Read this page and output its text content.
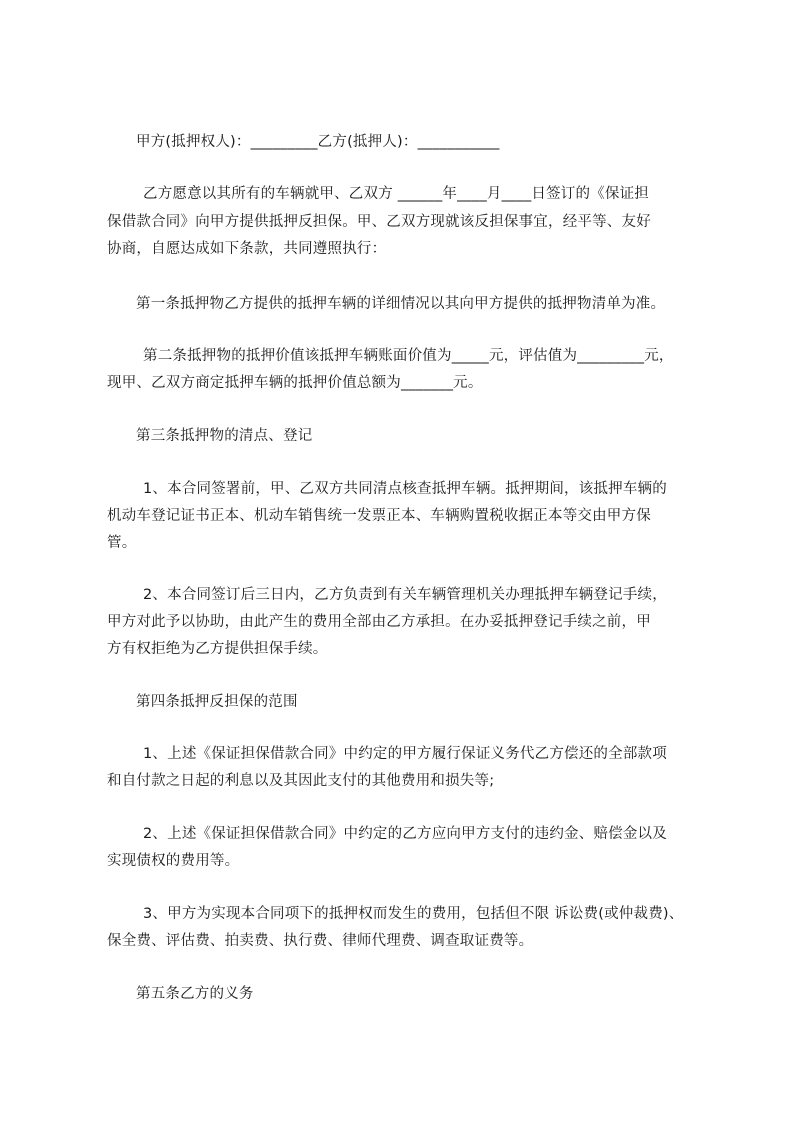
甲方(抵押权人)：_________乙方(抵押人)：___________
乙方愿意以其所有的车辆就甲、乙双方 ______年____月____日签订的《保证担
保借款合同》向甲方提供抵押反担保。甲、乙双方现就该反担保事宜，经平等、友好
协商，自愿达成如下条款，共同遵照执行：
第一条抵押物乙方提供的抵押车辆的详细情况以其向甲方提供的抵押物清单为准。
第二条抵押物的抵押价值该抵押车辆账面价值为_____元，评估值为_________元，
现甲、乙双方商定抵押车辆的抵押价值总额为_______元。
第三条抵押物的清点、登记
1、本合同签署前，甲、乙双方共同清点核查抵押车辆。抵押期间，该抵押车辆的
机动车登记证书正本、机动车销售统一发票正本、车辆购置税收据正本等交由甲方保
管。
2、本合同签订后三日内，乙方负责到有关车辆管理机关办理抵押车辆登记手续，
甲方对此予以协助，由此产生的费用全部由乙方承担。在办妥抵押登记手续之前，甲
方有权拒绝为乙方提供担保手续。
第四条抵押反担保的范围
1、上述《保证担保借款合同》中约定的甲方履行保证义务代乙方偿还的全部款项
和自付款之日起的利息以及其因此支付的其他费用和损失等;
2、上述《保证担保借款合同》中约定的乙方应向甲方支付的违约金、赔偿金以及
实现债权的费用等。
3、甲方为实现本合同项下的抵押权而发生的费用，包括但不限 诉讼费(或仲裁费)、
保全费、评估费、拍卖费、执行费、律师代理费、调查取证费等。
第五条乙方的义务
